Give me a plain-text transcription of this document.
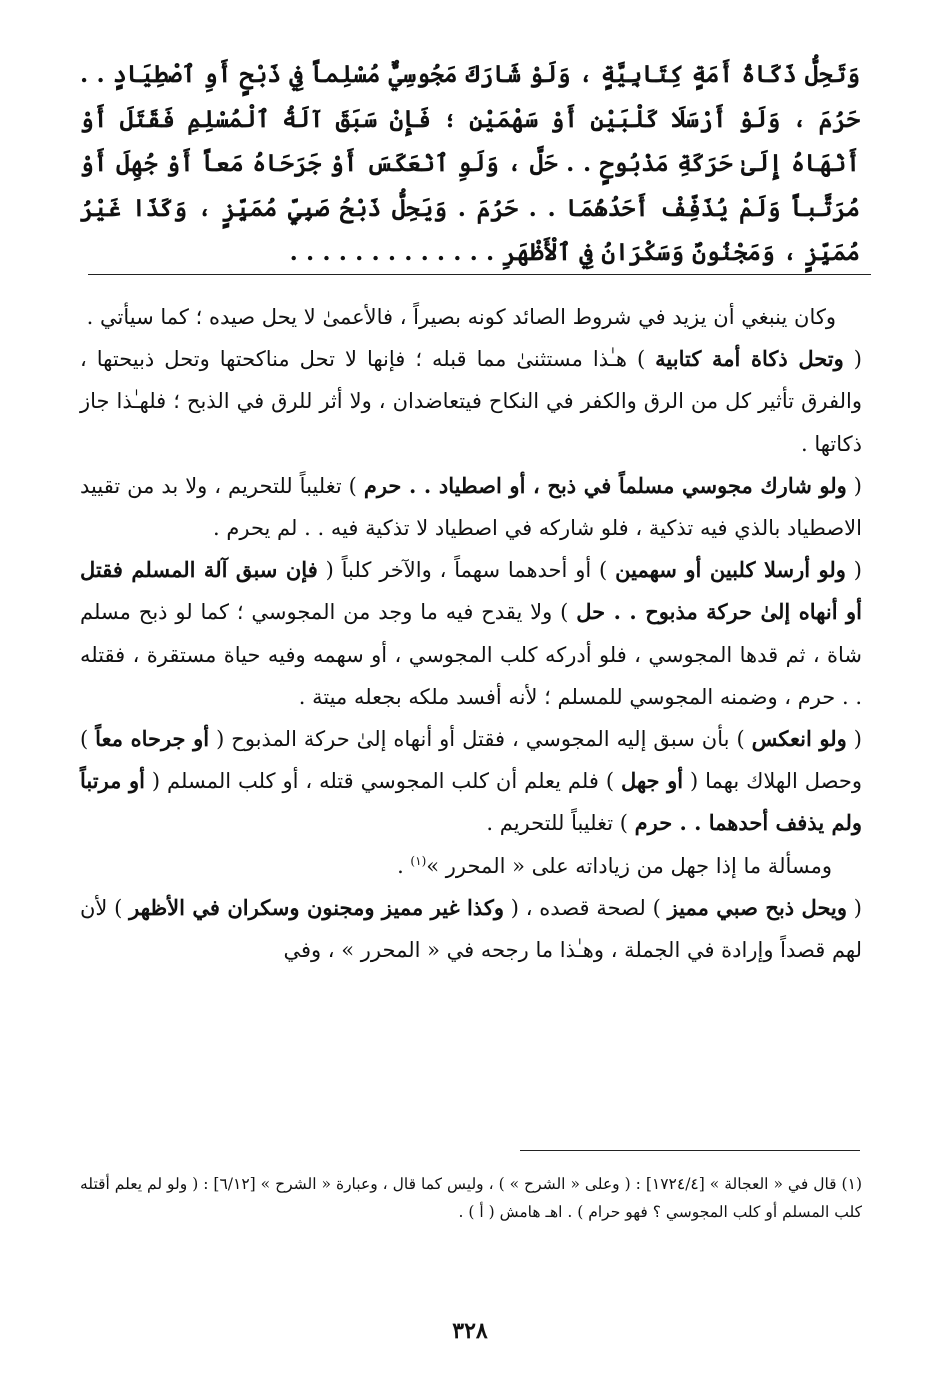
وَتَحِلُّ ذَكَاةُ أَمَةٍ كِتَابِيَّةٍ ، وَلَوْ شَارَكَ مَجُوسِيٌّ مُسْلِماً فِي ذَبْحٍ أَوِ ٱصْطِيَادٍ . . حَرُمَ ، وَلَوْ أَرْسَلَا كَلْبَيْنِ أَوْ سَهْمَيْنِ ؛ فَإِنْ سَبَقَ آلَةُ ٱلْمُسْلِمِ فَقَتَلَ أَوْ أَنْهَاهُ إِلَىٰ حَرَكَةِ مَذْبُوحٍ . . حَلَّ ، وَلَوِ ٱنْعَكَسَ أَوْ جَرَحَاهُ مَعاً أَوْ جُهِلَ أَوْ مُرَتَّباً وَلَمْ يُذَفِّفْ أَحَدُهُمَا . . حَرُمَ . وَيَحِلُّ ذَبْحُ صَبِيٍّ مُمَيِّزٍ ، وَكَذَا غَيْرُ مُمَيِّزٍ ، وَمَجْنُونٌ وَسَكْرَانُ فِي ٱلْأَظْهَرِ . . . . . . . . . . . . .

وكان ينبغي أن يزيد في شروط الصائد كونه بصيراً ، فالأعمىٰ لا يحل صيده ؛ كما سيأتي .

( وتحل ذكاة أمة كتابية ) هـٰذا مستثنىٰ مما قبله ؛ فإنها لا تحل مناكحتها وتحل ذبيحتها ، والفرق تأثير كل من الرق والكفر في النكاح فيتعاضدان ، ولا أثر للرق في الذبح ؛ فلهـٰذا جاز ذكاتها .

( ولو شارك مجوسي مسلماً في ذبح ، أو اصطياد . . حرم ) تغليباً للتحريم ، ولا بد من تقييد الاصطياد بالذي فيه تذكية ، فلو شاركه في اصطياد لا تذكية فيه . . لم يحرم .

( ولو أرسلا كلبين أو سهمين ) أو أحدهما سهماً ، والآخر كلباً ( فإن سبق آلة المسلم فقتل أو أنهاه إلىٰ حركة مذبوح . . حل ) ولا يقدح فيه ما وجد من المجوسي ؛ كما لو ذبح مسلم شاة ، ثم قدها المجوسي ، فلو أدركه كلب المجوسي ، أو سهمه وفيه حياة مستقرة ، فقتله . . حرم ، وضمنه المجوسي للمسلم ؛ لأنه أفسد ملكه بجعله ميتة .

( ولو انعكس ) بأن سبق إليه المجوسي ، فقتل أو أنهاه إلىٰ حركة المذبوح ( أو جرحاه معاً ) وحصل الهلاك بهما ( أو جهل ) فلم يعلم أن كلب المجوسي قتله ، أو كلب المسلم ( أو مرتباً ولم يذفف أحدهما . . حرم ) تغليباً للتحريم .

ومسألة ما إذا جهل من زياداته على « المحرر »$^{(١)}$ .

( ويحل ذبح صبي مميز ) لصحة قصده ، ( وكذا غير مميز ومجنون وسكران في الأظهر ) لأن لهم قصداً وإرادة في الجملة ، وهـٰذا ما رجحه في « المحرر » ، وفي

(١) قال في « العجالة » [١٧٢٤/٤] : ( وعلى « الشرح » ) ، وليس كما قال ، وعبارة « الشرح » [٦/١٢] : ( ولو لم يعلم أقتله كلب المسلم أو كلب المجوسي ؟ فهو حرام ) . اهـ هامش ( أ ) .

٣٢٨
